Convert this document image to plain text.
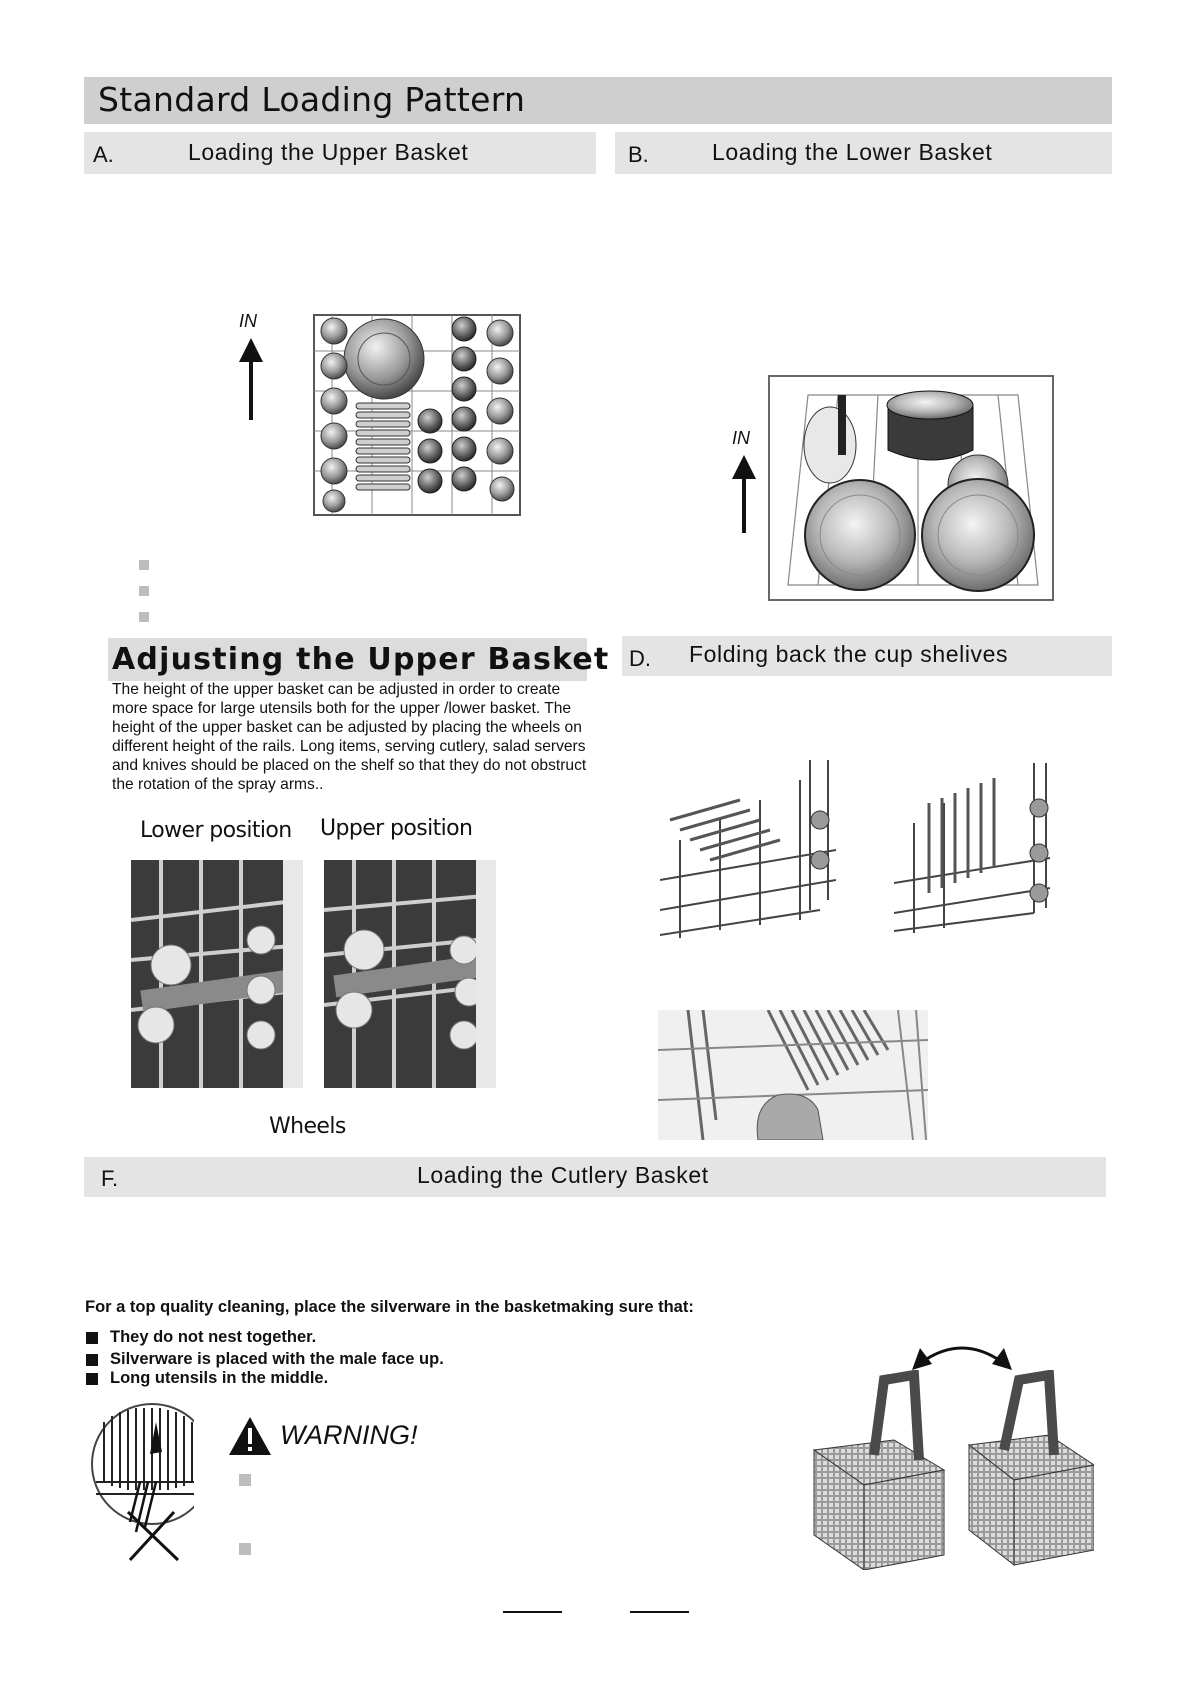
Standard Loading Pattern
A.	Loading the Upper Basket	B.	Loading the Lower Basket
IN
IN
Adjusting the Upper Basket
The height of the upper basket can be adjusted in order to create more space for large utensils both for the upper /lower basket. The height of the upper basket can be adjusted by placing the wheels on different height of the rails. Long items, serving cutlery, salad servers and knives should be placed on the shelf so that they do not obstruct the rotation of the spray arms..
Lower position Upper position
Wheels
D. Folding back the cup shelives
F.	Loading the Cutlery Basket
For a top quality cleaning, place the silverware in the basketmaking sure that:
They do not nest together.
Silverware is placed with the male face up.
Long utensils in the middle.
WARNING!
